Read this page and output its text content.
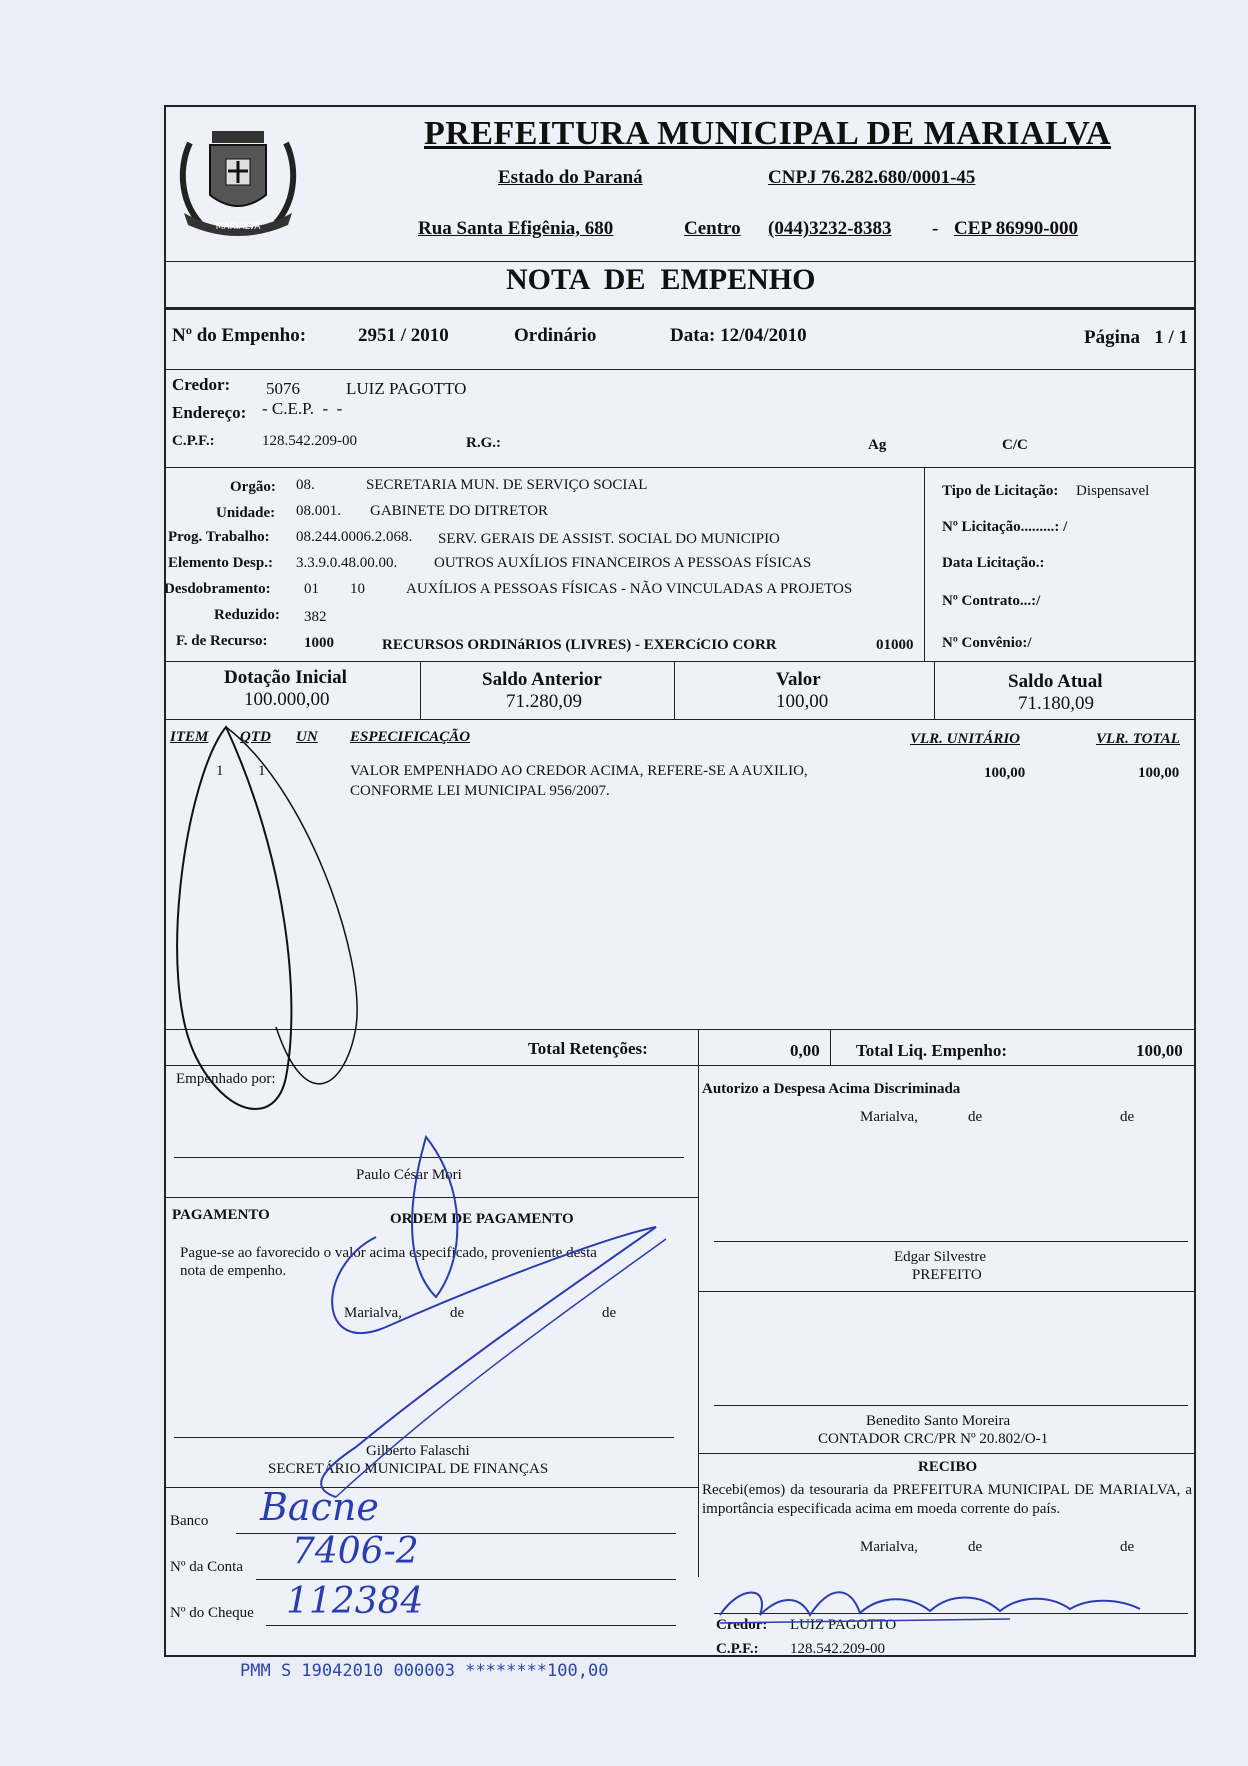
MARIALVA
PREFEITURA MUNICIPAL DE MARIALVA
Estado do Paraná	CNPJ 76.282.680/0001-45
Rua Santa Efigênia, 680	Centro (044)3232-8383 - CEP 86990-000
NOTA  DE  EMPENHO
Nº do Empenho:	2951 / 2010	Ordinário	Data: 12/04/2010	Página   1 / 1
Credor: 5076	LUIZ PAGOTTO
Endereço: - C.E.P.  -  -
C.P.F.:	128.542.209-00	R.G.:	Ag	C/C
Orgão: 08.	SECRETARIA MUN. DE SERVIÇO SOCIAL
Unidade: 08.001. GABINETE DO DITRETOR
Prog. Trabalho: 08.244.0006.2.068. SERV. GERAIS DE ASSIST. SOCIAL DO MUNICIPIO
Elemento Desp.: 3.3.9.0.48.00.00. OUTROS AUXÍLIOS FINANCEIROS A PESSOAS FÍSICAS
Desdobramento: 01 10	AUXÍLIOS A PESSOAS FÍSICAS - NÃO VINCULADAS A PROJETOS
Reduzido: 382
F. de Recurso: 1000	RECURSOS ORDINáRIOS (LIVRES) - EXERCíCIO CORR	01000
Tipo de Licitação: Dispensavel
Nº Licitação.........: /
Data Licitação.:
Nº Contrato...:/
Nº Convênio:/
Dotação Inicial
100.000,00
Saldo Anterior
71.280,09
Valor
100,00
Saldo Atual
71.180,09
ITEM QTD UN ESPECIFICAÇÃO	VLR. UNITÁRIO	VLR. TOTAL
1 1	VALOR EMPENHADO AO CREDOR ACIMA, REFERE-SE A AUXILIO,
CONFORME LEI MUNICIPAL 956/2007.
100,00	100,00
Total Retenções:	0,00 Total Liq. Empenho:	100,00
Empenhado por:
Paulo César Mori
Autorizo a Despesa Acima Discriminada
Marialva,	de	de
Edgar Silvestre
PREFEITO
Benedito Santo Moreira
CONTADOR CRC/PR Nº 20.802/O-1
PAGAMENTO	ORDEM DE PAGAMENTO
Pague-se ao favorecido o valor acima especificado, proveniente desta
nota de empenho.
Marialva,	de	de
Gilberto Falaschi
SECRETÁRIO MUNICIPAL DE FINANÇAS
Banco Bacne
Nº da Conta 7406-2
Nº do Cheque 112384
RECIBO
Recebi(emos) da tesouraria da PREFEITURA MUNICIPAL DE MARIALVA, a importância especificada acima em moeda corrente do país.
Marialva,	de	de
Credor: LUIZ PAGOTTO
C.P.F.: 128.542.209-00
PMM S 19042010 000003 ********100,00
